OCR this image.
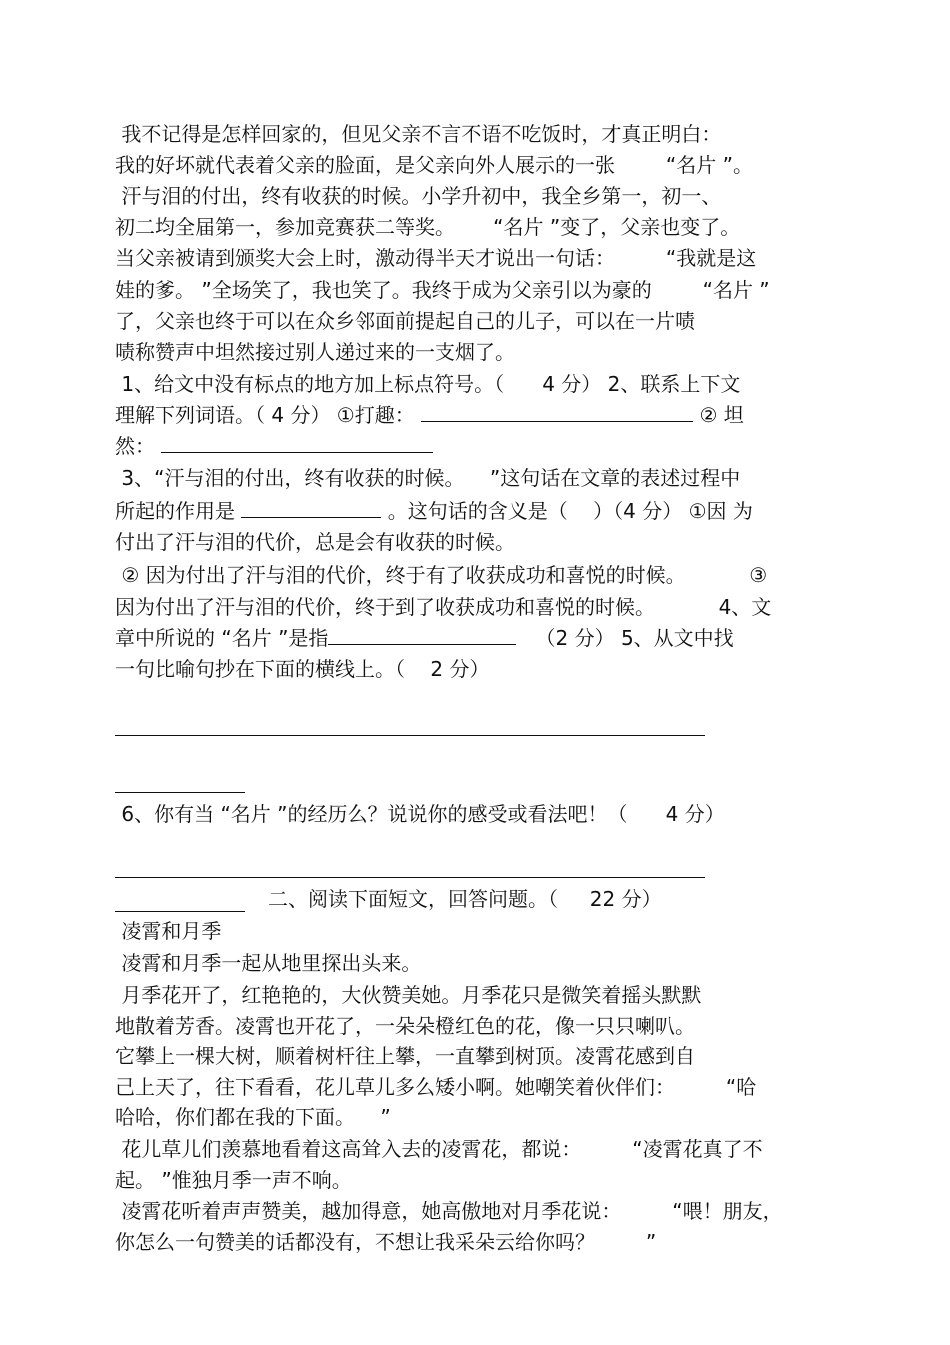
我不记得是怎样回家的，但见父亲不言不语不吃饭时，才真正明白：
我的好坏就代表着父亲的脸面，是父亲向外人展示的一张        “名片 ”。
汗与泪的付出，终有收获的时候。小学升初中，我全乡第一，初一、
初二均全届第一，参加竞赛获二等奖。      “名片 ”变了，父亲也变了。
当父亲被请到颁奖大会上时，激动得半天才说出一句话：        “我就是这
娃的爹。 ”全场笑了，我也笑了。我终于成为父亲引以为豪的        “名片 ”
了，父亲也终于可以在众乡邻面前提起自己的儿子，可以在一片啧
啧称赞声中坦然接过别人递过来的一支烟了。
1、给文中没有标点的地方加上标点符号。（      4 分） 2、联系上下文
理解下列词语。（ 4 分） ①打趣：	② 坦
然：
3、“汗与泪的付出，终有收获的时候。    ”这句话在文章的表述过程中
所起的作用是	。这句话的含义是（    ）（4 分） ①因 为
付出了汗与泪的代价，总是会有收获的时候。
② 因为付出了汗与泪的代价，终于有了收获成功和喜悦的时候。          ③
因为付出了汗与泪的代价，终于到了收获成功和喜悦的时候。          4、文
章中所说的 “名片 ”是指	（2 分） 5、从文中找
一句比喻句抄在下面的横线上。（    2 分）
6、你有当 “名片 ”的经历么？说说你的感受或看法吧！（      4 分）
二、阅读下面短文，回答问题。（     22 分）
凌霄和月季
凌霄和月季一起从地里探出头来。
月季花开了，红艳艳的，大伙赞美她。月季花只是微笑着摇头默默
地散着芳香。凌霄也开花了，一朵朵橙红色的花，像一只只喇叭。
它攀上一棵大树，顺着树杆往上攀，一直攀到树顶。凌霄花感到自
己上天了，往下看看，花儿草儿多么矮小啊。她嘲笑着伙伴们：        “哈
哈哈，你们都在我的下面。    ”
花儿草儿们羡慕地看着这高耸入去的凌霄花，都说：        “凌霄花真了不
起。 ”惟独月季一声不响。
凌霄花听着声声赞美，越加得意，她高傲地对月季花说：        “喂！朋友，
你怎么一句赞美的话都没有，不想让我采朵云给你吗？        ”
